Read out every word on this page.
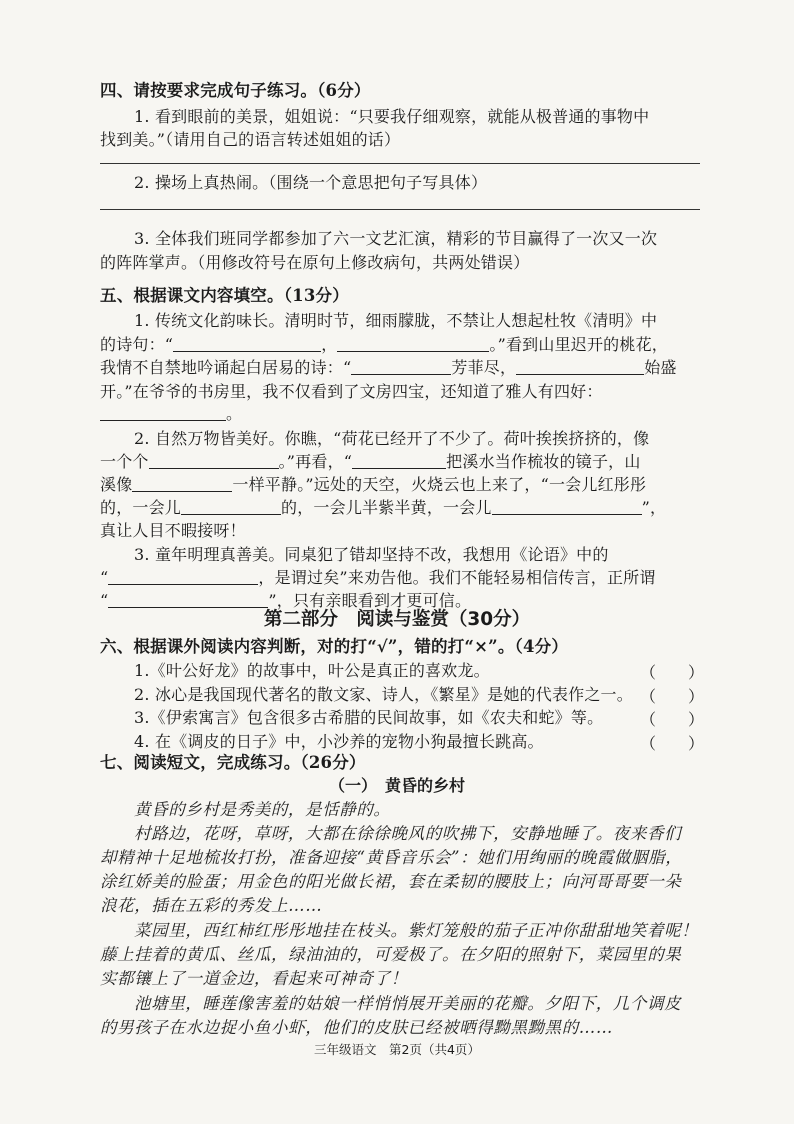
四、请按要求完成句子练习。（6分）
1. 看到眼前的美景，姐姐说：“只要我仔细观察，就能从极普通的事物中
找到美。”（请用自己的语言转述姐姐的话）
2. 操场上真热闹。（围绕一个意思把句子写具体）
3. 全体我们班同学都参加了六一文艺汇演，精彩的节目赢得了一次又一次
的阵阵掌声。（用修改符号在原句上修改病句，共两处错误）
五、根据课文内容填空。（13分）
1. 传统文化韵味长。清明时节，细雨朦胧，不禁让人想起杜牧《清明》中
的诗句：“	，	。”看到山里迟开的桃花，
我情不自禁地吟诵起白居易的诗：“	芳菲尽，	始盛
开。”在爷爷的书房里，我不仅看到了文房四宝，还知道了雅人有四好：
。
2. 自然万物皆美好。你瞧，“荷花已经开了不少了。荷叶挨挨挤挤的，像
一个个	。”再看，“	把溪水当作梳妆的镜子，山
溪像	一样平静。”远处的天空，火烧云也上来了，“一会儿红彤彤
的，一会儿	的，一会儿半紫半黄，一会儿	”，
真让人目不暇接呀！
3. 童年明理真善美。同桌犯了错却坚持不改，我想用《论语》中的
“	，是谓过矣”来劝告他。我们不能轻易相信传言，正所谓
“	”，只有亲眼看到才更可信。
第二部分　阅读与鉴赏（30分）
六、根据课外阅读内容判断，对的打“√”，错的打“×”。（4分）
1.《叶公好龙》的故事中，叶公是真正的喜欢龙。	（　　）
2. 冰心是我国现代著名的散文家、诗人，《繁星》是她的代表作之一。 （　　）
3.《伊索寓言》包含很多古希腊的民间故事，如《农夫和蛇》等。 （　　）
4. 在《调皮的日子》中，小沙养的宠物小狗最擅长跳高。	（　　）
七、阅读短文，完成练习。（26分）
（一）　黄昏的乡村
黄昏的乡村是秀美的，是恬静的。
村路边，花呀，草呀，大都在徐徐晚风的吹拂下，安静地睡了。夜来香们
却精神十足地梳妆打扮，准备迎接“黄昏音乐会”：她们用绚丽的晚霞做胭脂，
涂红娇美的脸蛋；用金色的阳光做长裙，套在柔韧的腰肢上；向河哥哥要一朵
浪花，插在五彩的秀发上……
菜园里，西红柿红彤彤地挂在枝头。紫灯笼般的茄子正冲你甜甜地笑着呢！
藤上挂着的黄瓜、丝瓜，绿油油的，可爱极了。在夕阳的照射下，菜园里的果
实都镶上了一道金边，看起来可神奇了！
池塘里，睡莲像害羞的姑娘一样悄悄展开美丽的花瓣。夕阳下，几个调皮
的男孩子在水边捉小鱼小虾，他们的皮肤已经被晒得黝黑黝黑的……
三年级语文　第2页（共4页）
